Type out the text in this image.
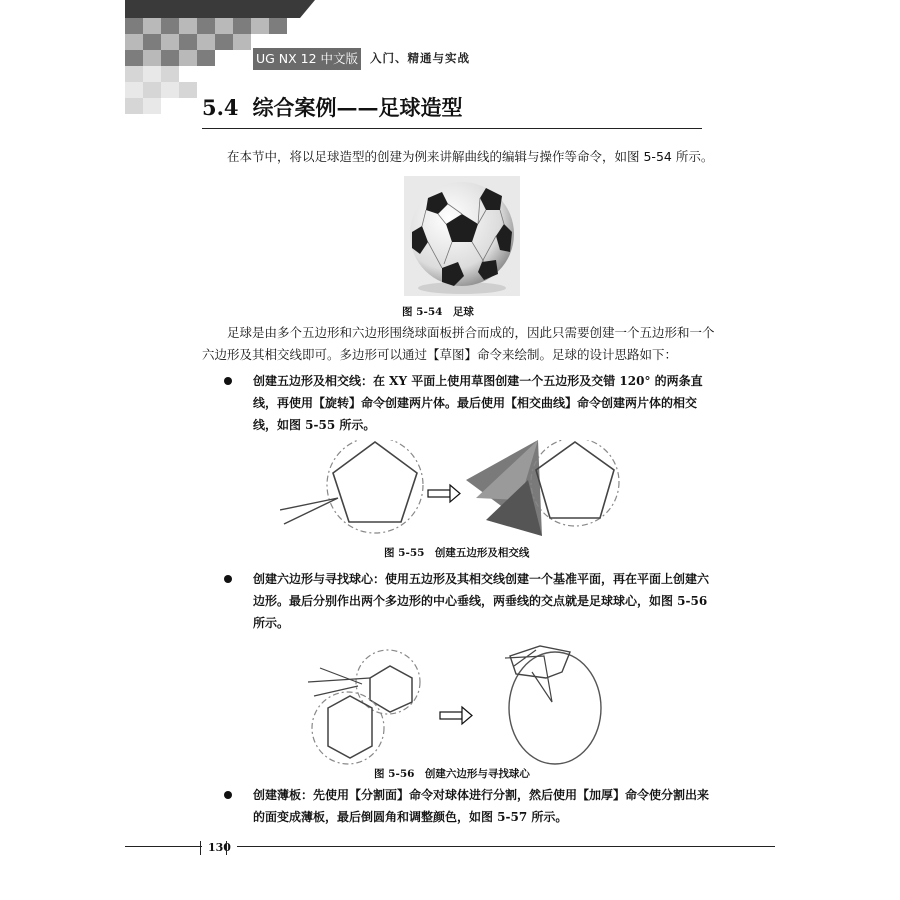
UG NX 12 中文版 入门、精通与实战
5.4 综合案例——足球造型

在本节中，将以足球造型的创建为例来讲解曲线的编辑与操作等命令，如图 5-54 所示。

图 5-54　足球

足球是由多个五边形和六边形围绕球面板拼合而成的，因此只需要创建一个五边形和一个六边形及其相交线即可。多边形可以通过【草图】命令来绘制。足球的设计思路如下：

创建五边形及相交线：在 XY 平面上使用草图创建一个五边形及交错 120° 的两条直线，再使用【旋转】命令创建两片体。最后使用【相交曲线】命令创建两片体的相交线，如图 5-55 所示。
图 5-55　创建五边形及相交线
创建六边形与寻找球心：使用五边形及其相交线创建一个基准平面，再在平面上创建六边形。最后分别作出两个多边形的中心垂线，两垂线的交点就是足球球心，如图 5-56 所示。
图 5-56　创建六边形与寻找球心
创建薄板：先使用【分割面】命令对球体进行分割，然后使用【加厚】命令使分割出来的面变成薄板，最后倒圆角和调整颜色，如图 5-57 所示。
130
